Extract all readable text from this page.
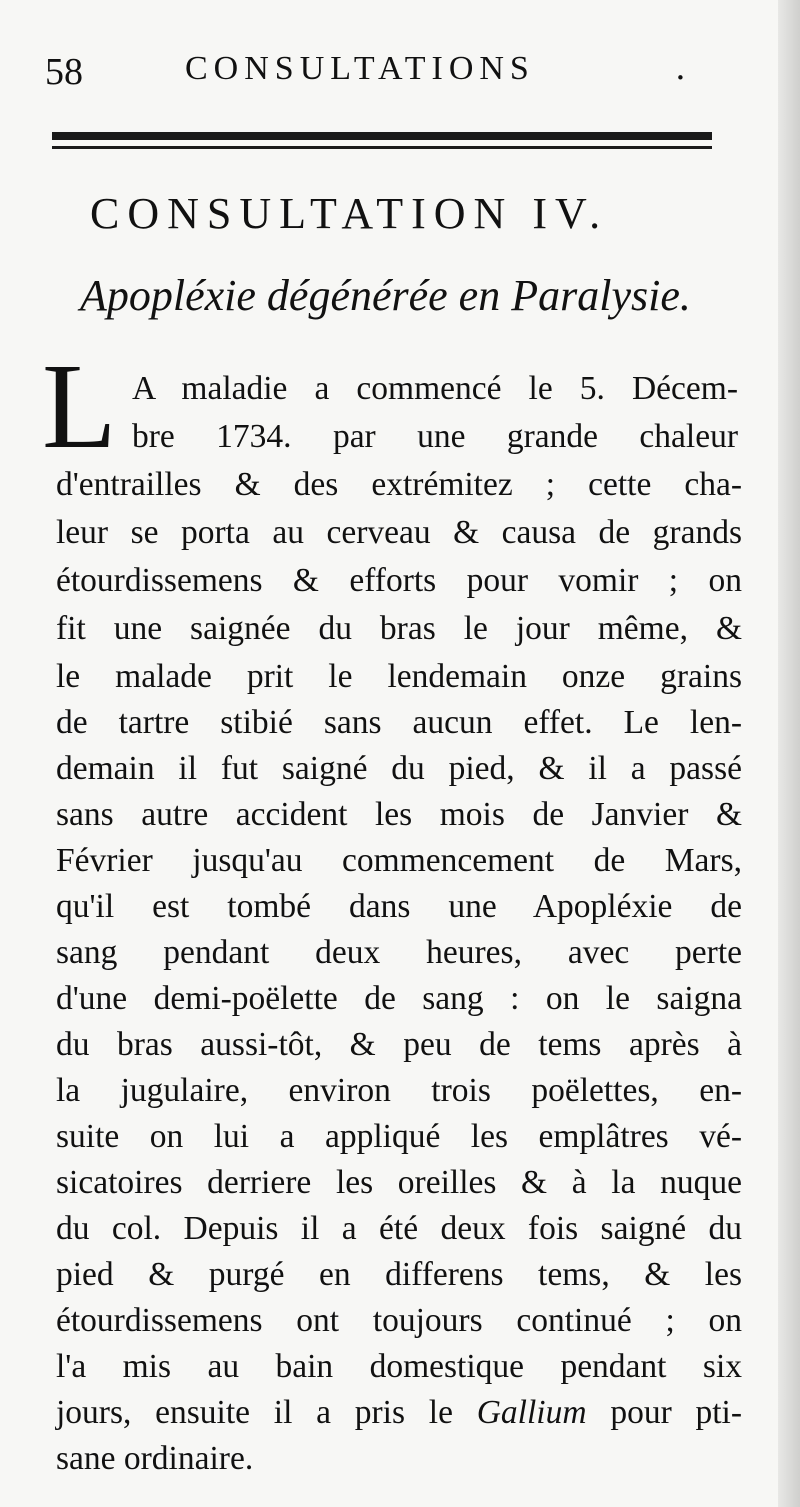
58	CONSULTATIONS	.
CONSULTATION IV.
Apopléxie dégénérée en Paralysie.
L A maladie a commencé le 5. Décem-
bre 1734. par une grande chaleur
d'entrailles & des extrémitez ; cette cha-
leur se porta au cerveau & causa de grands
étourdissemens & efforts pour vomir ; on
fit une saignée du bras le jour même, &
le malade prit le lendemain onze grains
de tartre stibié sans aucun effet. Le len-
demain il fut saigné du pied, & il a passé
sans autre accident les mois de Janvier &
Février jusqu'au commencement de Mars,
qu'il est tombé dans une Apopléxie de
sang pendant deux heures, avec perte
d'une demi-poëlette de sang : on le saigna
du bras aussi-tôt, & peu de tems après à
la jugulaire, environ trois poëlettes, en-
suite on lui a appliqué les emplâtres vé-
sicatoires derriere les oreilles & à la nuque
du col. Depuis il a été deux fois saigné du
pied & purgé en differens tems, & les
étourdissemens ont toujours continué ; on
l'a mis au bain domestique pendant six
jours, ensuite il a pris le Gallium pour pti-
sane ordinaire.
